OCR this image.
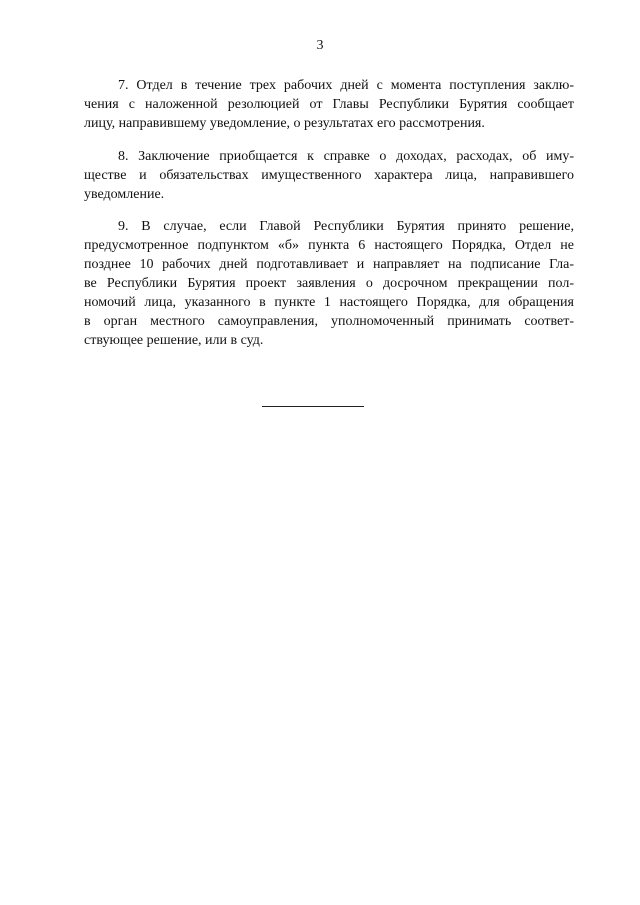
3
7. Отдел в течение трех рабочих дней с момента поступления заклю-
чения с наложенной резолюцией от Главы Республики Бурятия сообщает
лицу, направившему уведомление, о результатах его рассмотрения.
8. Заключение приобщается к справке о доходах, расходах, об иму-
ществе и обязательствах имущественного характера лица, направившего
уведомление.
9. В случае, если Главой Республики Бурятия принято решение,
предусмотренное подпунктом «б» пункта 6 настоящего Порядка, Отдел не
позднее 10 рабочих дней подготавливает и направляет на подписание Гла-
ве Республики Бурятия проект заявления о досрочном прекращении пол-
номочий лица, указанного в пункте 1 настоящего Порядка, для обращения
в орган местного самоуправления, уполномоченный принимать соответ-
ствующее решение, или в суд.
